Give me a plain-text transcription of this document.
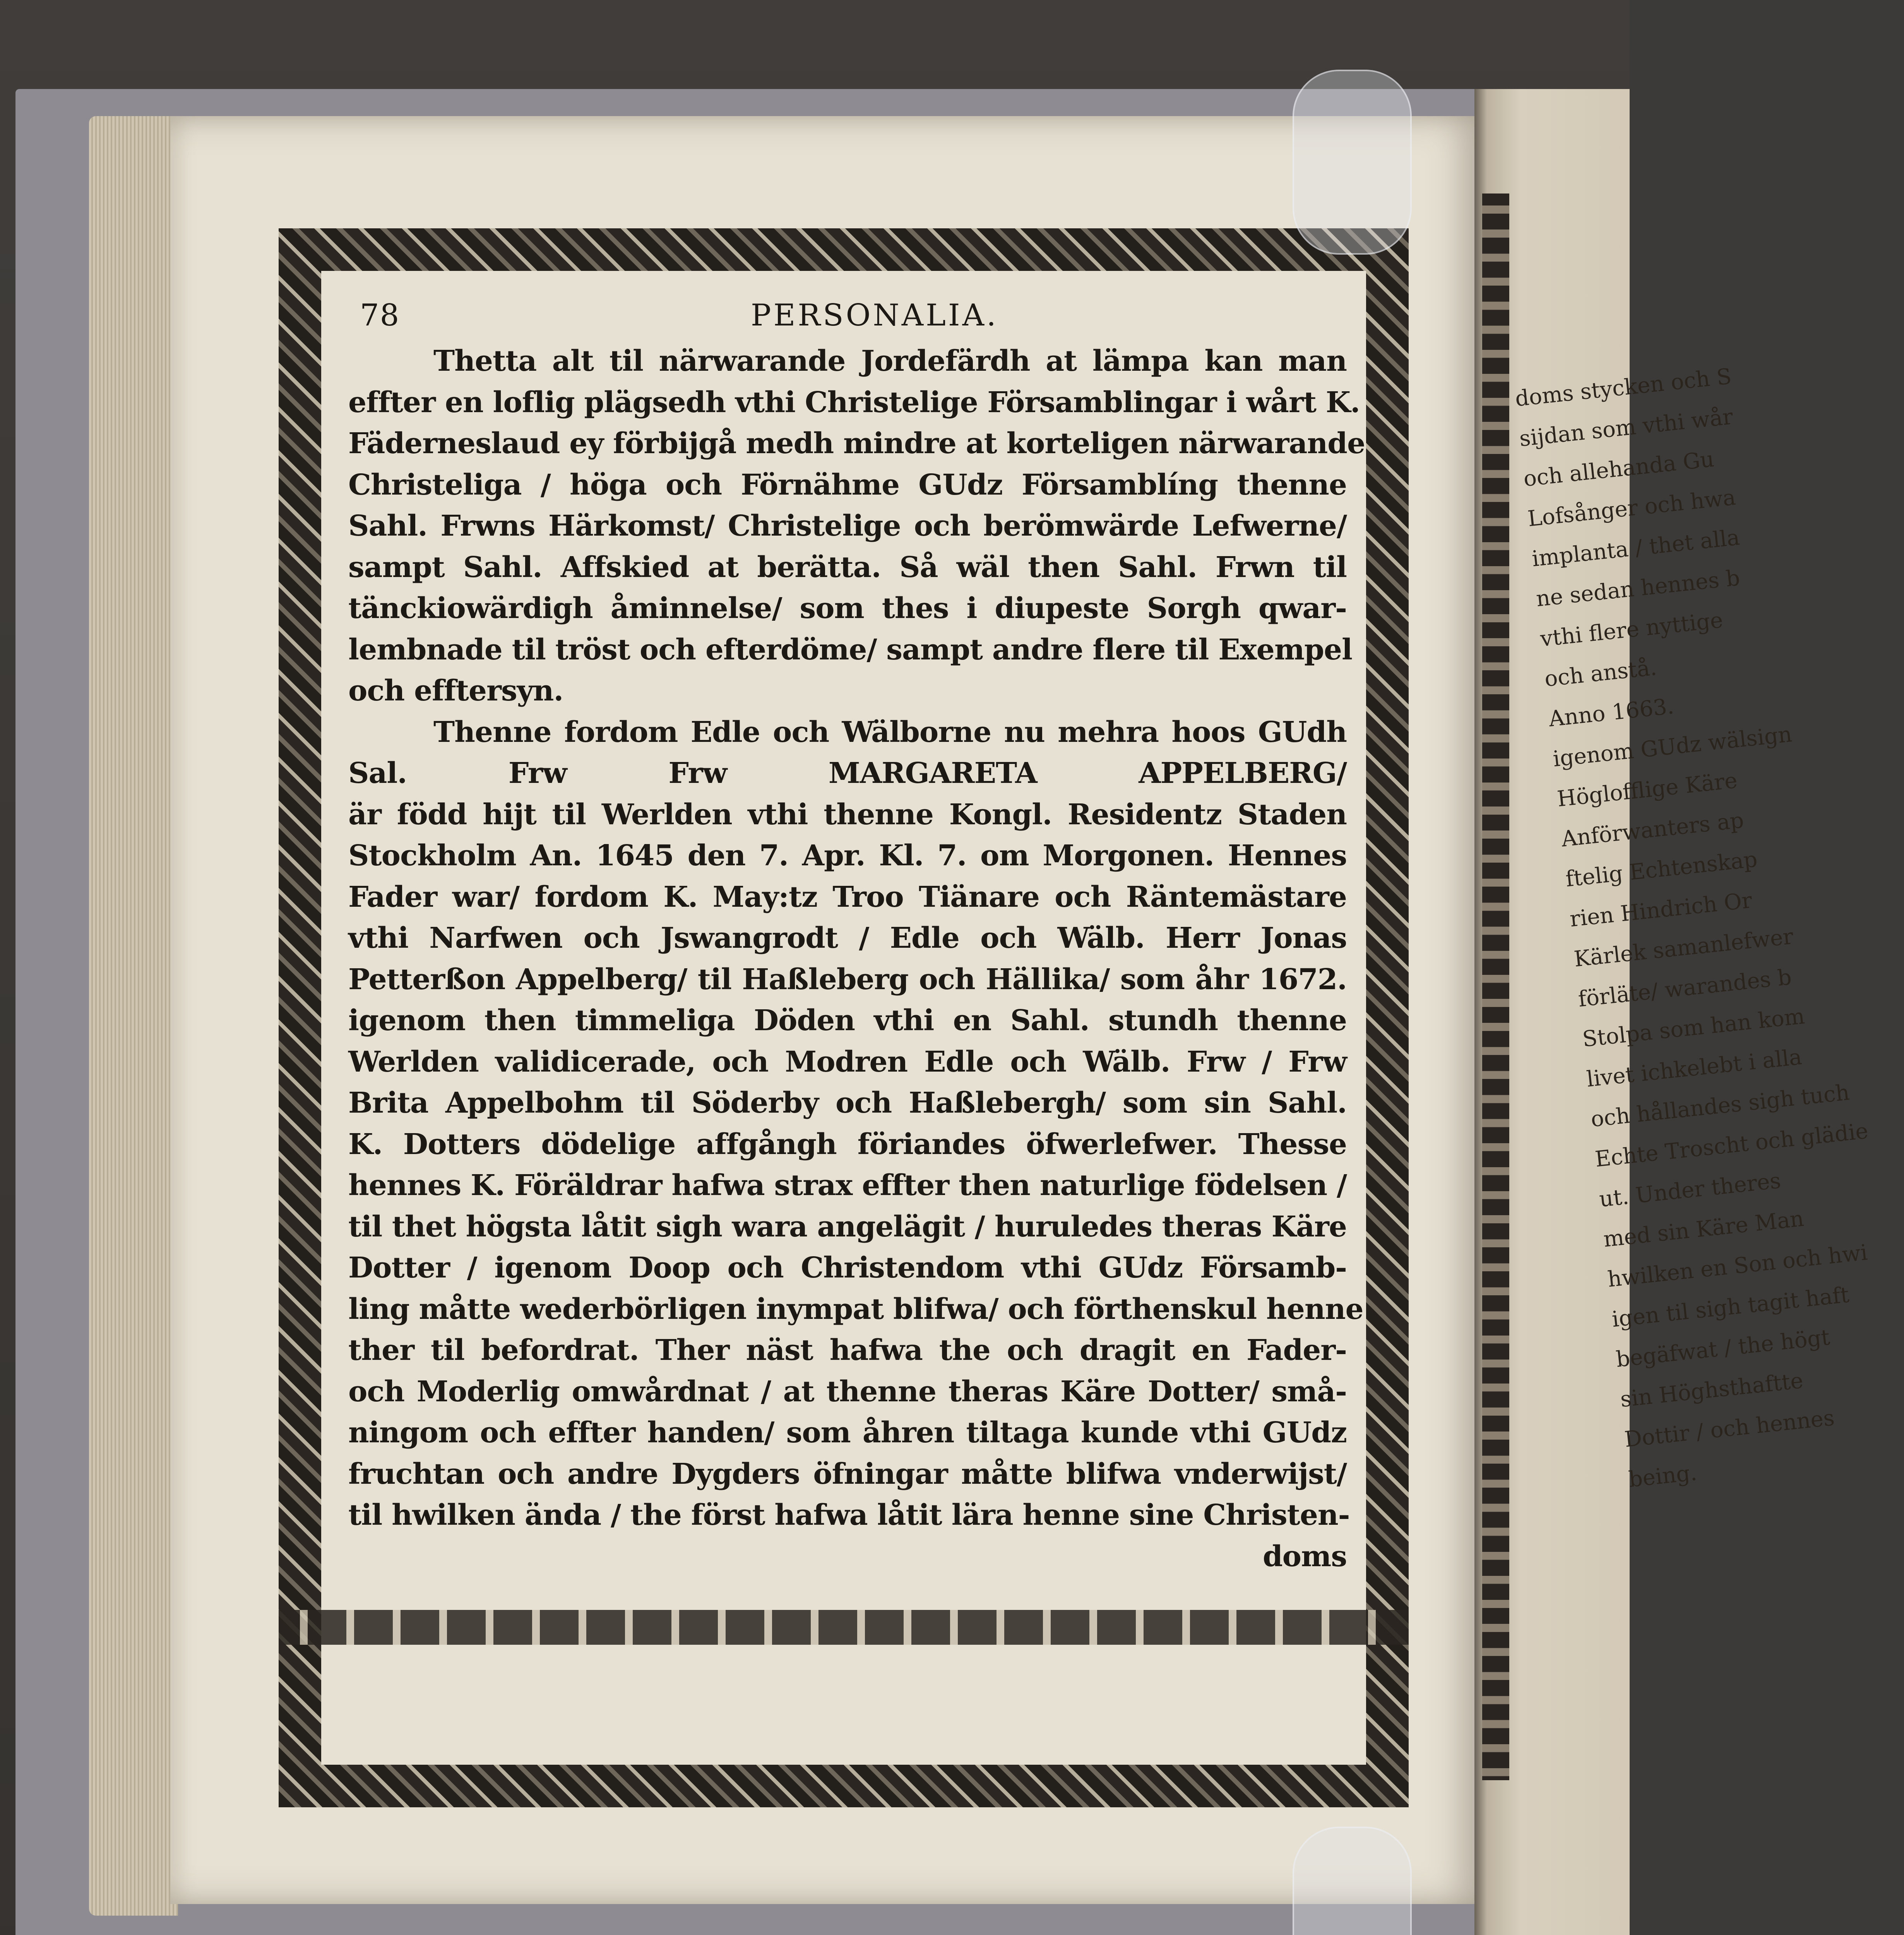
doms stycken och S
sijdan som vthi wår
och allehanda Gu
Lofsånger och hwa
implanta / thet alla
ne sedan hennes b
vthi flere nyttige
och anstå.
Anno 1663.
igenom GUdz wälsign
Höglofflige Käre
Anförwanters ap
ftelig Echtenskap
rien Hindrich Or
Kärlek samanlefwer
förläte/ warandes b
Stolpa som han kom
livet ichkelebt i alla
och hållandes sigh tuch
Echte Troscht och glädie
ut. Under theres
med sin Käre Man
hwilken en Son och hwi
igen til sigh tagit haft
begäfwat / the högt
sin Höghsthaftte
Dottir / och hennes
being.
78	PERSONALIA.

Thetta alt til närwarande Jordefärdh at lämpa kan man

effter en loflig plägsedh vthi Christelige Församblingar i wårt K.

Fäderneslaud ey förbijgå medh mindre at korteligen närwarande

Christeliga / höga och Förnähme GUdz Församblíng thenne

Sahl. Frwns Härkomst/ Christelige och berömwärde Lefwerne/

sampt Sahl. Affskied at berätta. Så wäl then Sahl. Frwn til

tänckiowärdigh åminnelse/ som thes i diupeste Sorgh qwar-

lembnade til tröst och efterdöme/ sampt andre flere til Exempel

och efftersyn.

Thenne fordom Edle och Wälborne nu mehra hoos GUdh

Sal. Frw Frw MARGARETA APPELBERG/

är född hijt til Werlden vthi thenne Kongl. Residentz Staden

Stockholm An. 1645 den 7. Apr. Kl. 7. om Morgonen. Hennes

Fader war/ fordom K. May:tz Troo Tiänare och Räntemästare

vthi Narfwen och Jswangrodt / Edle och Wälb. Herr Jonas

Petterßon Appelberg/ til Haßleberg och Hällika/ som åhr 1672.

igenom then timmeliga Döden vthi en Sahl. stundh thenne

Werlden validicerade, och Modren Edle och Wälb. Frw / Frw

Brita Appelbohm til Söderby och Haßlebergh/ som sin Sahl.

K. Dotters dödelige affgångh föriandes öfwerlefwer. Thesse

hennes K. Föräldrar hafwa strax effter then naturlige födelsen /

til thet högsta låtit sigh wara angelägit / huruledes theras Käre

Dotter / igenom Doop och Christendom vthi GUdz Församb-

ling måtte wederbörligen inympat blifwa/ och förthenskul henne

ther til befordrat. Ther näst hafwa the och dragit en Fader-

och Moderlig omwårdnat / at thenne theras Käre Dotter/ små-

ningom och effter handen/ som åhren tiltaga kunde vthi GUdz

fruchtan och andre Dygders öfningar måtte blifwa vnderwijst/

til hwilken ända / the först hafwa låtit lära henne sine Christen-

doms
